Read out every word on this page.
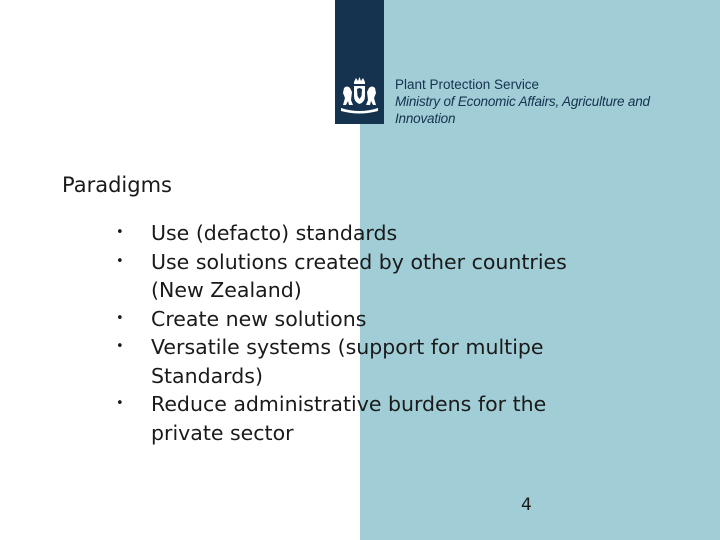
Plant Protection Service
Ministry of Economic Affairs, Agriculture and
Innovation
Paradigms
• Use (defacto) standards
• Use solutions created by other countries (New Zealand)
• Create new solutions
• Versatile systems (support for multipe Standards)
• Reduce administrative burdens for the private sector
4
